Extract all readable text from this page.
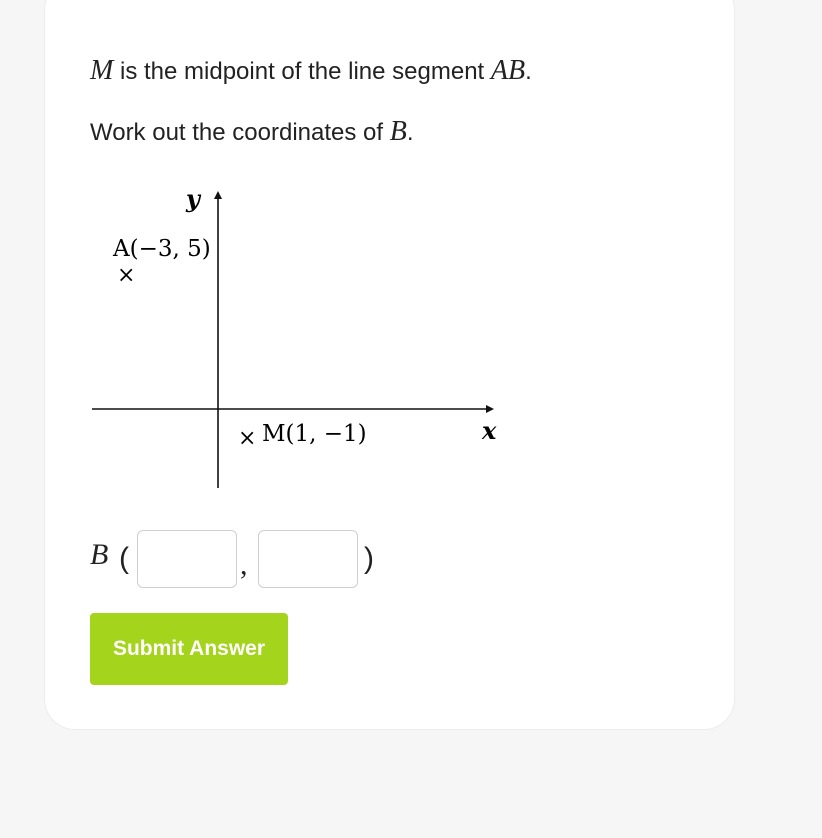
M is the midpoint of the line segment AB.
Work out the coordinates of B.
y
x
A(−3, 5)
×
× M(1, −1)
B (	,	)
Submit Answer
